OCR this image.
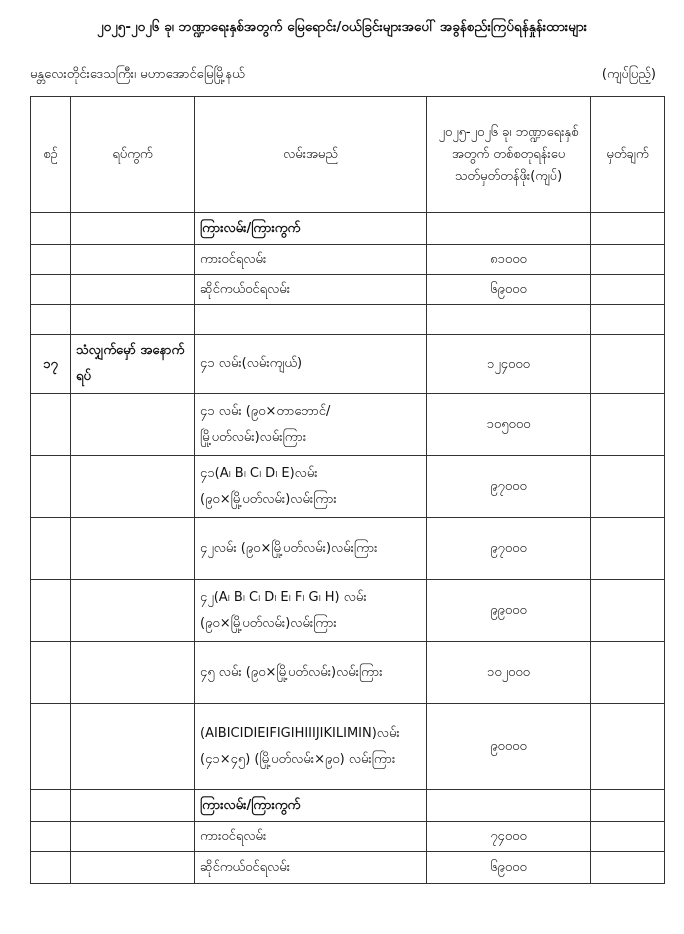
၂၀၂၅-၂၀၂၆ ခု၊ ဘဏ္ဍာရေးနှစ်အတွက် မြေရောင်း/ဝယ်ခြင်းများအပေါ် အခွန်စည်းကြပ်ရန်နှုန်းထားများ
မန္တလေးတိုင်းဒေသကြီး၊ မဟာအောင်မြေမြို့နယ်	(ကျပ်ပြည့်)
စဉ်	ရပ်ကွက်	လမ်းအမည်	၂၀၂၅-၂၀၂၆ ခု၊ ဘဏ္ဍာရေးနှစ်အတွက် တစ်စတုရန်းပေ သတ်မှတ်တန်ဖိုး(ကျပ်)	မှတ်ချက်
		ကြားလမ်း/ကြားကွက်		
		ကားဝင်ရလမ်း	၈၁၀၀၀	
		ဆိုင်ကယ်ဝင်ရလမ်း	၆၉၀၀၀	

၁၇	သံလျှက်မှော် အနောက်ရပ်	၄၁ လမ်း(လမ်းကျယ်)	၁၂၄၀၀၀	
		၄၁ လမ်း (၉၀×တာဘောင်/ မြို့ပတ်လမ်း)လမ်းကြား	၁၀၅၀၀၀	
		၄၁(A၊ B၊ C၊ D၊ E)လမ်း (၉၀×မြို့ပတ်လမ်း)လမ်းကြား	၉၇၀၀၀	
		၄၂လမ်း (၉၀×မြို့ပတ်လမ်း)လမ်းကြား	၉၇၀၀၀	
		၄၂(A၊ B၊ C၊ D၊ E၊ F၊ G၊ H) လမ်း (၉၀×မြို့ပတ်လမ်း)လမ်းကြား	၉၉၀၀၀	
		၄၅ လမ်း (၉၀×မြို့ပတ်လမ်း)လမ်းကြား	၁၀၂၀၀၀	
		(AIBICIDIEIFIGIHIIIJIKILIMIN)လမ်း (၄၁×၄၅) (မြို့ပတ်လမ်း×၉၀) လမ်းကြား	၉၀၀၀၀	
		ကြားလမ်း/ကြားကွက်		
		ကားဝင်ရလမ်း	၇၄၀၀၀	
		ဆိုင်ကယ်ဝင်ရလမ်း	၆၉၀၀၀	
